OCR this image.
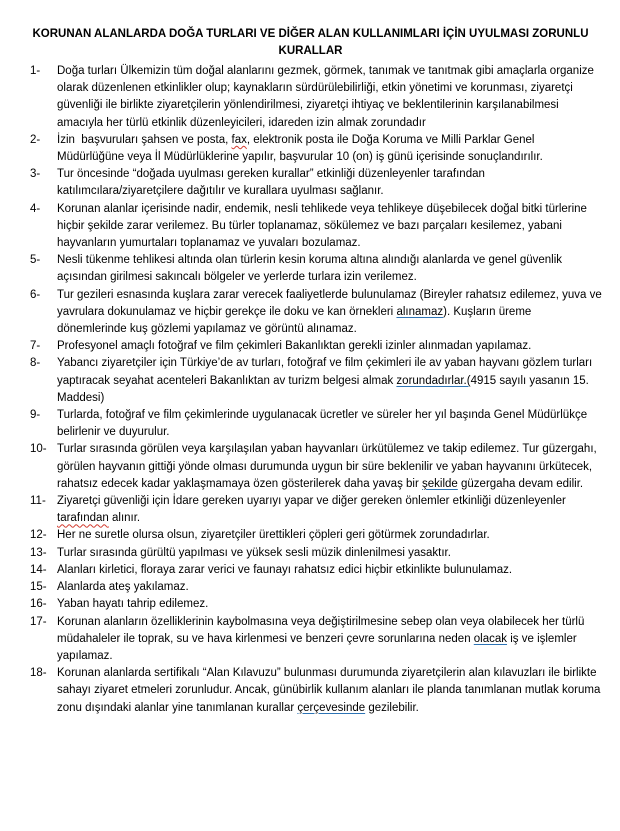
KORUNAN ALANLARDA DOĞA TURLARI VE DİĞER ALAN KULLANIMLARI İÇİN UYULMASI ZORUNLU
KURALLAR
1-	Doğa turları Ülkemizin tüm doğal alanlarını gezmek, görmek, tanımak ve tanıtmak gibi amaçlarla organize olarak düzenlenen etkinlikler olup; kaynakların sürdürülebilirliği, etkin yönetimi ve korunması, ziyaretçi güvenliği ile birlikte ziyaretçilerin yönlendirilmesi, ziyaretçi ihtiyaç ve beklentilerinin karşılanabilmesi amacıyla her türlü etkinlik düzenleyicileri, idareden izin almak zorundadır
2-	İzin  başvuruları şahsen ve posta, fax, elektronik posta ile Doğa Koruma ve Milli Parklar Genel Müdürlüğüne veya İl Müdürlüklerine yapılır, başvurular 10 (on) iş günü içerisinde sonuçlandırılır.
3-	Tur öncesinde “doğada uyulması gereken kurallar” etkinliği düzenleyenler tarafından katılımcılara/ziyaretçilere dağıtılır ve kurallara uyulması sağlanır.
4-	Korunan alanlar içerisinde nadir, endemik, nesli tehlikede veya tehlikeye düşebilecek doğal bitki türlerine hiçbir şekilde zarar verilemez. Bu türler toplanamaz, sökülemez ve bazı parçaları kesilemez, yabani hayvanların yumurtaları toplanamaz ve yuvaları bozulamaz.
5-	Nesli tükenme tehlikesi altında olan türlerin kesin koruma altına alındığı alanlarda ve genel güvenlik açısından girilmesi sakıncalı bölgeler ve yerlerde turlara izin verilemez.
6-	Tur gezileri esnasında kuşlara zarar verecek faaliyetlerde bulunulamaz (Bireyler rahatsız edilemez, yuva ve yavrulara dokunulamaz ve hiçbir gerekçe ile doku ve kan örnekleri alınamaz). Kuşların üreme dönemlerinde kuş gözlemi yapılamaz ve görüntü alınamaz.
7-	Profesyonel amaçlı fotoğraf ve film çekimleri Bakanlıktan gerekli izinler alınmadan yapılamaz.
8-	Yabancı ziyaretçiler için Türkiye’de av turları, fotoğraf ve film çekimleri ile av yaban hayvanı gözlem turları yaptıracak seyahat acenteleri Bakanlıktan av turizm belgesi almak zorundadırlar.(4915 sayılı yasanın 15. Maddesi)
9-	Turlarda, fotoğraf ve film çekimlerinde uygulanacak ücretler ve süreler her yıl başında Genel Müdürlükçe belirlenir ve duyurulur.
10- Turlar sırasında görülen veya karşılaşılan yaban hayvanları ürkütülemez ve takip edilemez. Tur güzergahı, görülen hayvanın gittiği yönde olması durumunda uygun bir süre beklenilir ve yaban hayvanını ürkütecek, rahatsız edecek kadar yaklaşmamaya özen gösterilerek daha yavaş bir şekilde güzergaha devam edilir.
11- Ziyaretçi güvenliği için İdare gereken uyarıyı yapar ve diğer gereken önlemler etkinliği düzenleyenler tarafından alınır.
12- Her ne suretle olursa olsun, ziyaretçiler ürettikleri çöpleri geri götürmek zorundadırlar.
13- Turlar sırasında gürültü yapılması ve yüksek sesli müzik dinlenilmesi yasaktır.
14- Alanları kirletici, floraya zarar verici ve faunayı rahatsız edici hiçbir etkinlikte bulunulamaz.
15- Alanlarda ateş yakılamaz.
16- Yaban hayatı tahrip edilemez.
17- Korunan alanların özelliklerinin kaybolmasına veya değiştirilmesine sebep olan veya olabilecek her türlü müdahaleler ile toprak, su ve hava kirlenmesi ve benzeri çevre sorunlarına neden olacak iş ve işlemler yapılamaz.
18- Korunan alanlarda sertifikalı “Alan Kılavuzu” bulunması durumunda ziyaretçilerin alan kılavuzları ile birlikte sahayı ziyaret etmeleri zorunludur. Ancak, günübirlik kullanım alanları ile planda tanımlanan mutlak koruma zonu dışındaki alanlar yine tanımlanan kurallar çerçevesinde gezilebilir.
